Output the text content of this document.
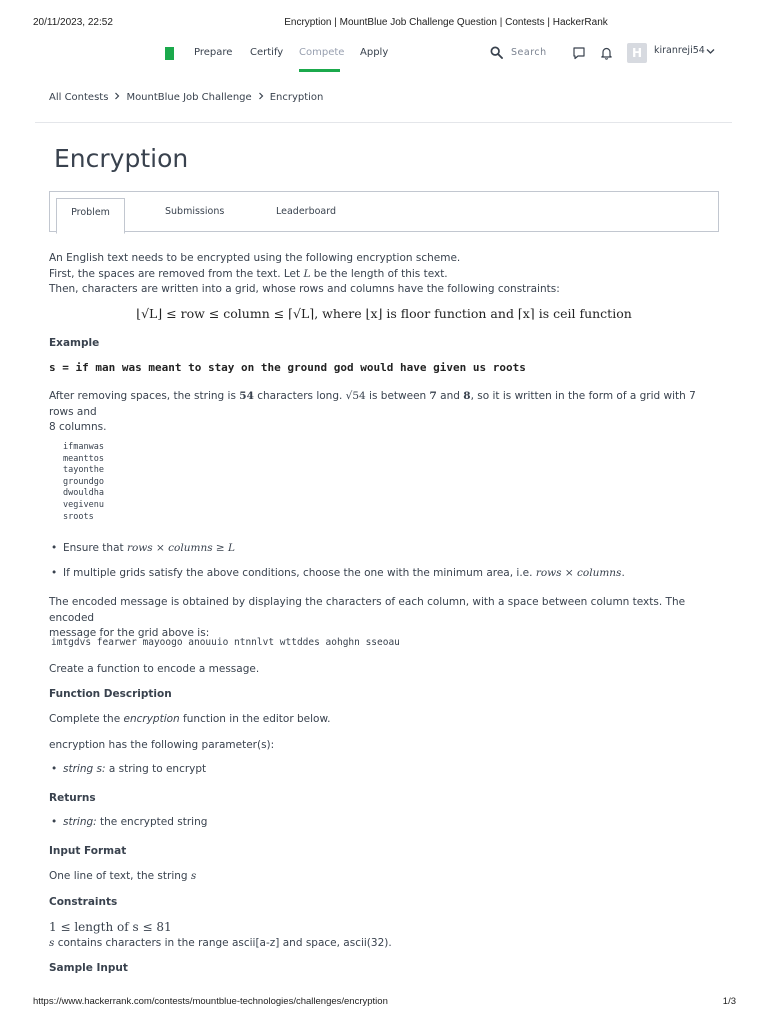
20/11/2023, 22:52	Encryption | MountBlue Job Challenge Question | Contests | HackerRank
Prepare Certify Compete Apply	Search	H	kiranreji54
All Contests MountBlue Job Challenge Encryption
Encryption
Problem	Submissions	Leaderboard
An English text needs to be encrypted using the following encryption scheme.
First, the spaces are removed from the text. Let L be the length of this text.
Then, characters are written into a grid, whose rows and columns have the following constraints:
⌊√L⌋ ≤ row ≤ column ≤ ⌈√L⌉, where ⌊x⌋ is floor function and ⌈x⌉ is ceil function
Example
s = if man was meant to stay on the ground god would have given us roots
After removing spaces, the string is 54 characters long. √54 is between 7 and 8, so it is written in the form of a grid with 7 rows and
8 columns.
ifmanwas
meanttos
tayonthe
groundgo
dwouldha
vegivenu
sroots
Ensure that rows × columns ≥ L
If multiple grids satisfy the above conditions, choose the one with the minimum area, i.e. rows × columns.
The encoded message is obtained by displaying the characters of each column, with a space between column texts. The encoded
message for the grid above is:
imtgdvs fearwer mayoogo anouuio ntnnlvt wttddes aohghn sseoau
Create a function to encode a message.
Function Description
Complete the encryption function in the editor below.
encryption has the following parameter(s):
string s: a string to encrypt
Returns
string: the encrypted string
Input Format
One line of text, the string s
Constraints
1 ≤ length of s ≤ 81
s contains characters in the range ascii[a-z] and space, ascii(32).
Sample Input
https://www.hackerrank.com/contests/mountblue-technologies/challenges/encryption	1/3
